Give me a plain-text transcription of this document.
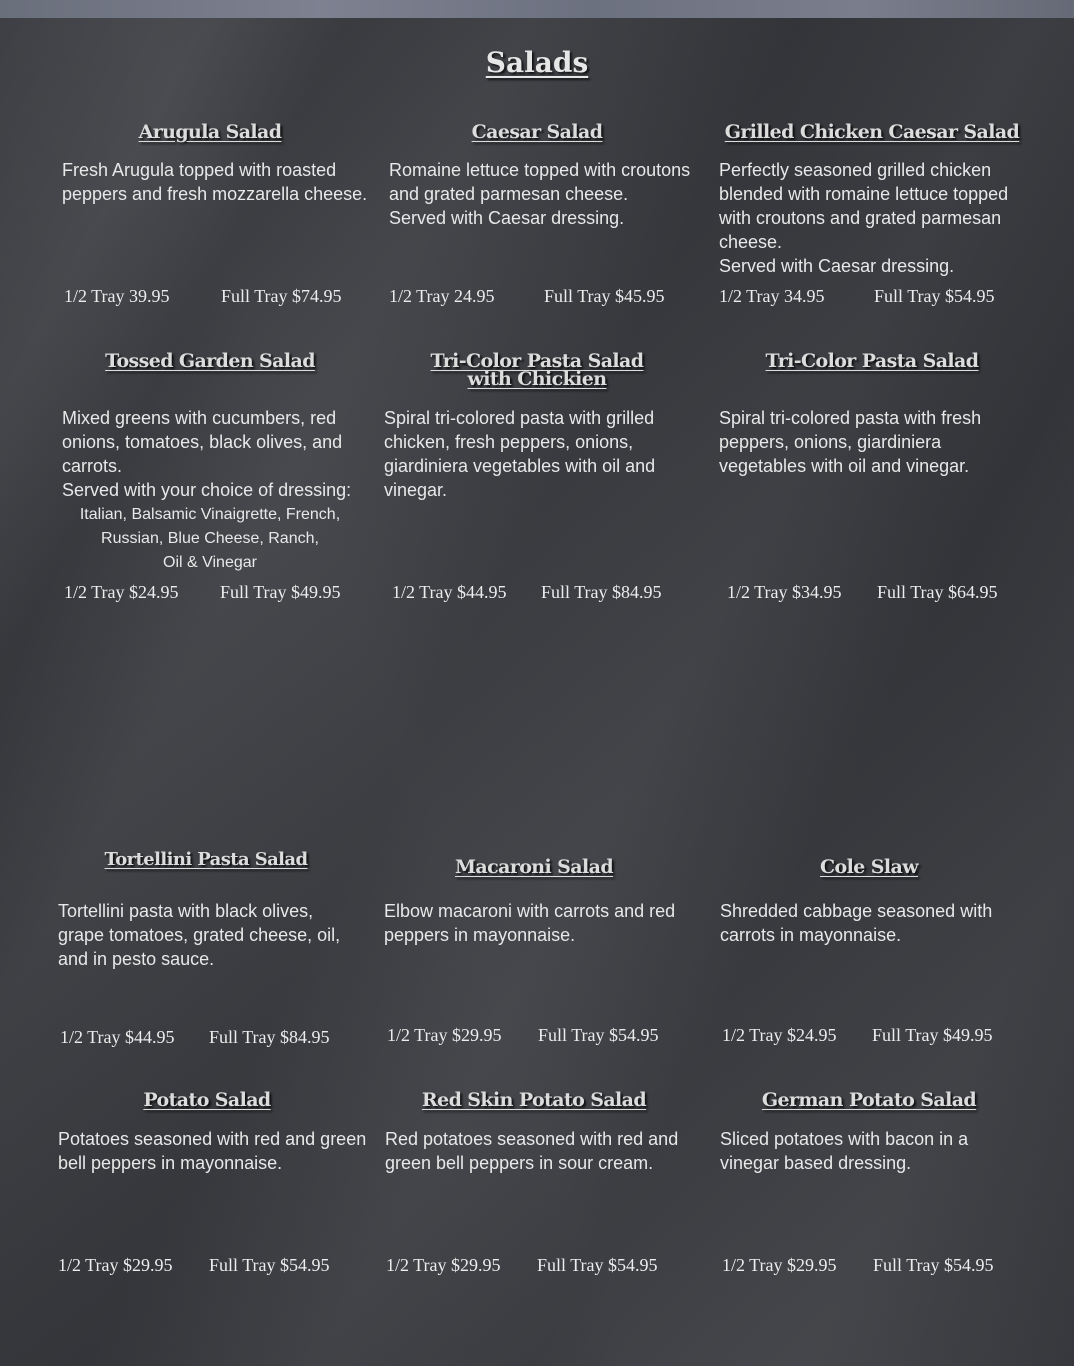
Salads
Arugula Salad

Fresh Arugula topped with roasted
peppers and fresh mozzarella cheese.

1/2 Tray 39.95	Full Tray $74.95
Caesar Salad

Romaine lettuce topped with croutons
and grated parmesan cheese.
Served with Caesar dressing.

1/2 Tray 24.95	Full Tray $45.95
Grilled Chicken Caesar Salad

Perfectly seasoned grilled chicken
blended with romaine lettuce topped
with croutons and grated parmesan
cheese.
Served with Caesar dressing.

1/2 Tray 34.95	Full Tray $54.95
Tossed Garden Salad

Mixed greens with cucumbers, red
onions, tomatoes, black olives, and
carrots.
Served with your choice of dressing:

Italian, Balsamic Vinaigrette, French,
Russian, Blue Cheese, Ranch,
Oil & Vinegar

1/2 Tray $24.95 Full Tray $49.95
Tri-Color Pasta Salad
with Chickien

Spiral tri-colored pasta with grilled
chicken, fresh peppers, onions,
giardiniera vegetables with oil and
vinegar.

1/2 Tray $44.95 Full Tray $84.95
Tri-Color Pasta Salad

Spiral tri-colored pasta with fresh
peppers, onions, giardiniera
vegetables with oil and vinegar.

1/2 Tray $34.95 Full Tray $64.95
Tortellini Pasta Salad

Tortellini pasta with black olives,
grape tomatoes, grated cheese, oil,
and in pesto sauce.

1/2 Tray $44.95 Full Tray $84.95
Macaroni Salad

Elbow macaroni with carrots and red
peppers in mayonnaise.

1/2 Tray $29.95 Full Tray $54.95
Cole Slaw

Shredded cabbage seasoned with
carrots in mayonnaise.

1/2 Tray $24.95 Full Tray $49.95
Potato Salad

Potatoes seasoned with red and green
bell peppers in mayonnaise.

1/2 Tray $29.95 Full Tray $54.95
Red Skin Potato Salad

Red potatoes seasoned with red and
green bell peppers in sour cream.

1/2 Tray $29.95 Full Tray $54.95
German Potato Salad

Sliced potatoes with bacon in a
vinegar based dressing.

1/2 Tray $29.95 Full Tray $54.95
